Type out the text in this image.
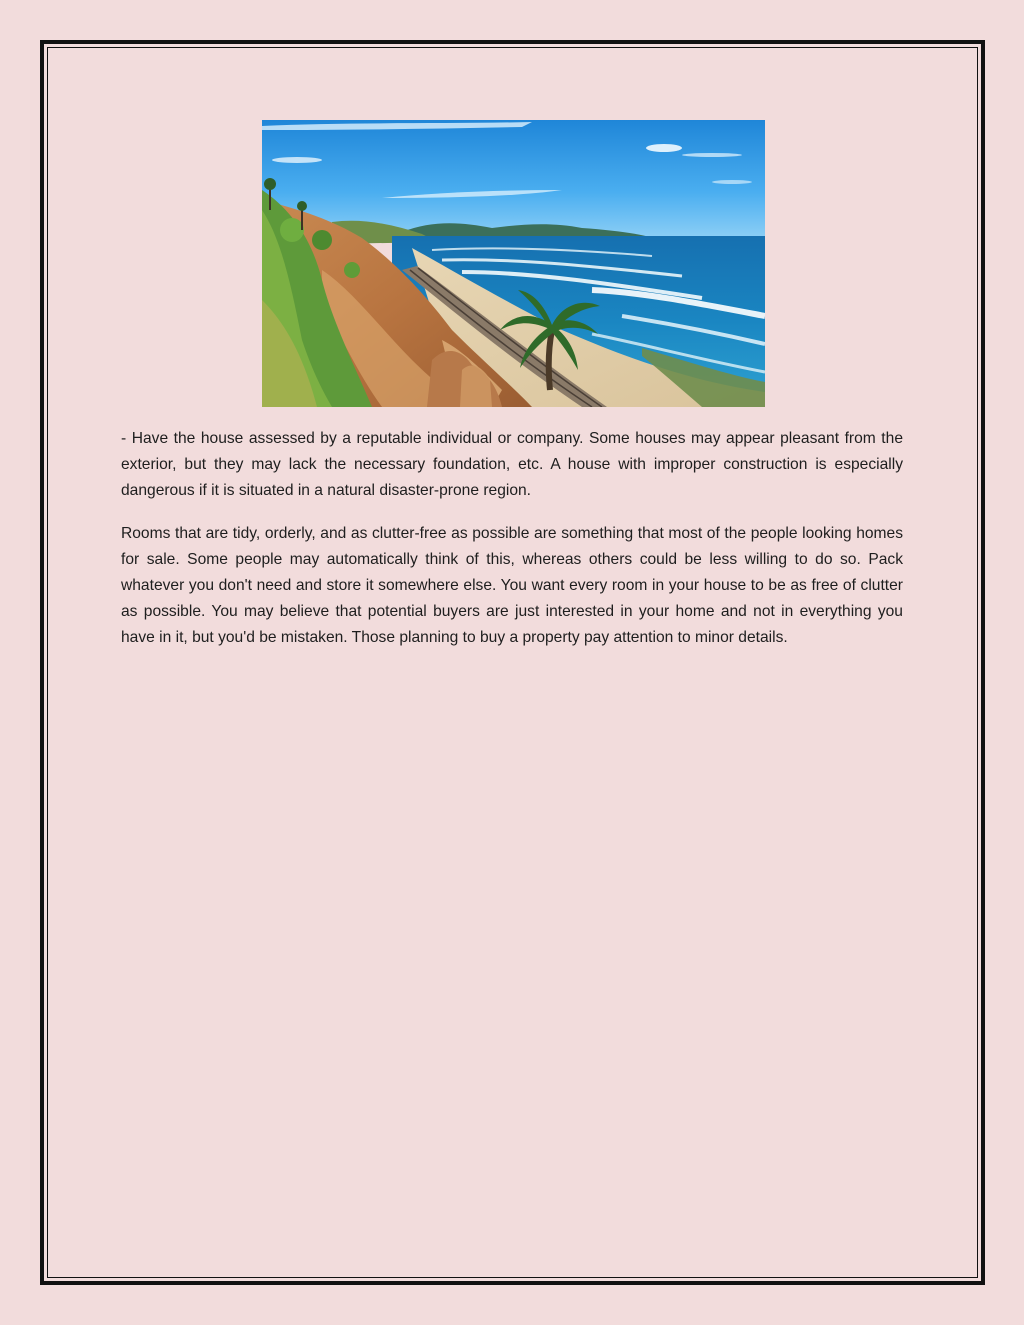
- Have the house assessed by a reputable individual or company. Some houses may appear pleasant from the exterior, but they may lack the necessary foundation, etc. A house with improper construction is especially dangerous if it is situated in a natural disaster-prone region.

Rooms that are tidy, orderly, and as clutter-free as possible are something that most of the people looking homes for sale. Some people may automatically think of this, whereas others could be less willing to do so. Pack whatever you don't need and store it somewhere else. You want every room in your house to be as free of clutter as possible. You may believe that potential buyers are just interested in your home and not in everything you have in it, but you'd be mistaken. Those planning to buy a property pay attention to minor details.
